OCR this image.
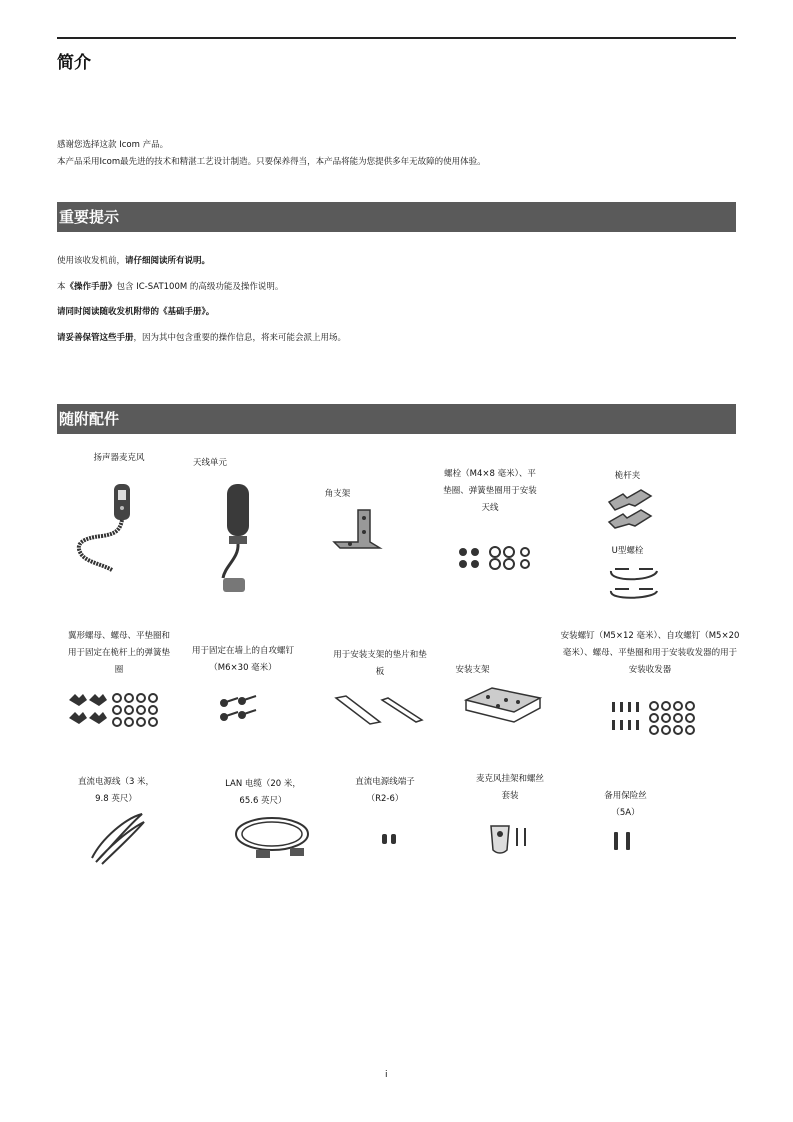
简介
感谢您选择这款 Icom 产品。
本产品采用Icom最先进的技术和精湛工艺设计制造。只要保养得当，本产品将能为您提供多年无故障的使用体验。
重要提示
使用该收发机前，请仔细阅读所有说明。
本《操作手册》包含 IC-SAT100M 的高级功能及操作说明。
请同时阅读随收发机附带的《基础手册》。
请妥善保管这些手册，因为其中包含重要的操作信息，将来可能会派上用场。
随附配件
扬声器麦克风	天线单元
角支架
螺栓（M4×8 毫米）、平垫圈、弹簧垫圈用于安装天线
桅杆夹
U型螺栓
翼形螺母、螺母、平垫圈和用于固定在桅杆上的弹簧垫圈
用于固定在墙上的自攻螺钉（M6×30 毫米）
用于安装支架的垫片和垫板	安装支架
安装螺钉（M5×12 毫米）、自攻螺钉（M5×20 毫米）、螺母、平垫圈和用于安装收发器的用于安装收发器
直流电源线（3 米，9.8 英尺）
LAN 电缆（20 米，65.6 英尺）
直流电源线端子（R2-6）
麦克风挂架和螺丝套装	备用保险丝（5A）
i
